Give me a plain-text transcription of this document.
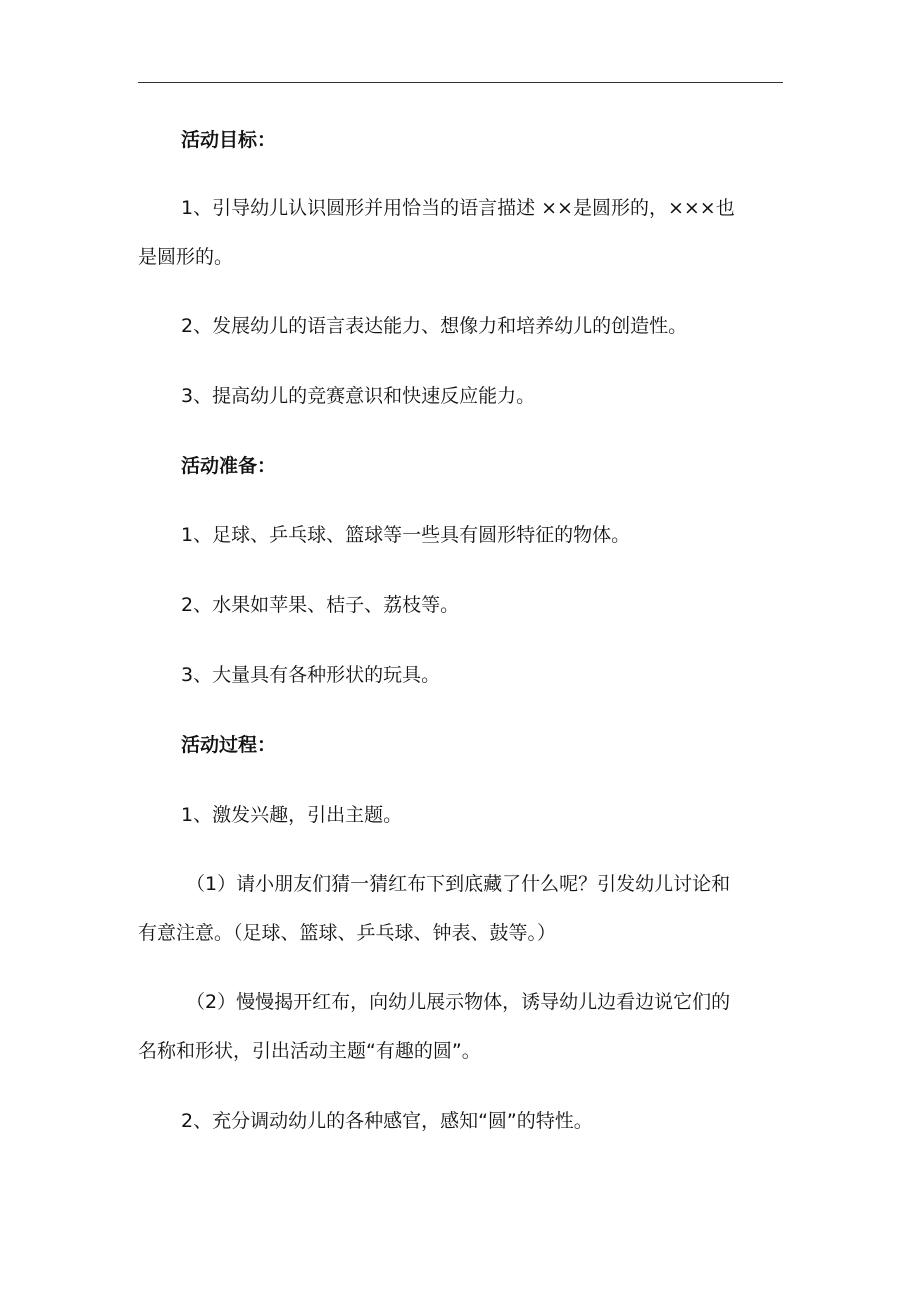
活动目标：
1、引导幼儿认识圆形并用恰当的语言描述 ××是圆形的，×××也
是圆形的。
2、发展幼儿的语言表达能力、想像力和培养幼儿的创造性。
3、提高幼儿的竞赛意识和快速反应能力。
活动准备：
1、足球、乒乓球、篮球等一些具有圆形特征的物体。
2、水果如苹果、桔子、荔枝等。
3、大量具有各种形状的玩具。
活动过程：
1、激发兴趣，引出主题。
（1）请小朋友们猜一猜红布下到底藏了什么呢？引发幼儿讨论和
有意注意。（足球、篮球、乒乓球、钟表、鼓等。）
（2）慢慢揭开红布，向幼儿展示物体，诱导幼儿边看边说它们的
名称和形状，引出活动主题“有趣的圆”。
2、充分调动幼儿的各种感官，感知“圆”的特性。
